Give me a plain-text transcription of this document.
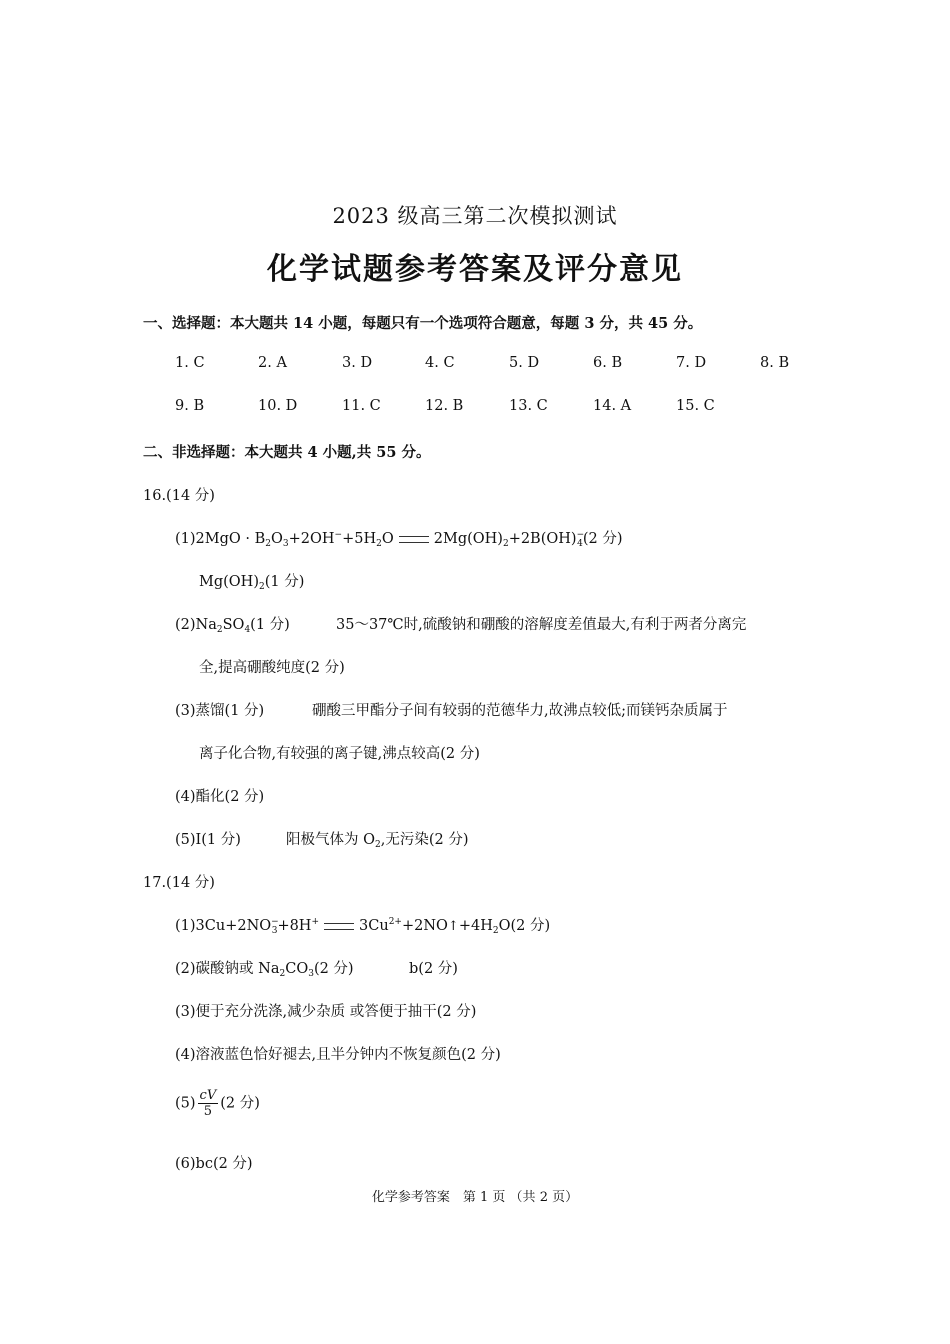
2023 级高三第二次模拟测试
化学试题参考答案及评分意见
一、选择题：本大题共 14 小题，每题只有一个选项符合题意，每题 3 分，共 45 分。
1. C	2. A	3. D	4. C	5. D	6. B	7. D	8. B
9. B	10. D	11. C	12. B	13. C	14. A	15. C
二、非选择题：本大题共 4 小题,共 55 分。
16.(14 分)
$(1)2MgO \cdot B_2O_3+2OH^-+5H_2O$	$2Mg(OH)_2+2B(OH)^-_4(2$ 分)
$Mg(OH)_2(1$ 分)
$(2)Na_2SO_4(1$ 分)	35～37℃时,硫酸钠和硼酸的溶解度差值最大,有利于两者分离完
全,提高硼酸纯度(2 分)
(3)蒸馏(1 分)	硼酸三甲酯分子间有较弱的范德华力,故沸点较低;而镁钙杂质属于
离子化合物,有较强的离子键,沸点较高(2 分)
(4)酯化(2 分)
(5)I(1 分)	阳极气体为 $O_2$,无污染(2 分)
17.(14 分)
$(1)3Cu+2NO^-_3+8H^+$	$3Cu^{2+}+2NO↑+4H_2O(2$ 分)
(2)碳酸钠或 $Na_2CO_3(2$ 分)	b(2 分)
(3)便于充分洗涤,减少杂质 或答便于抽干(2 分)
(4)溶液蓝色恰好褪去,且半分钟内不恢复颜色(2 分)
$(5) \frac{cV}{5} (2$ 分)
(6)bc(2 分)
化学参考答案　第 1 页 （共 2 页）
